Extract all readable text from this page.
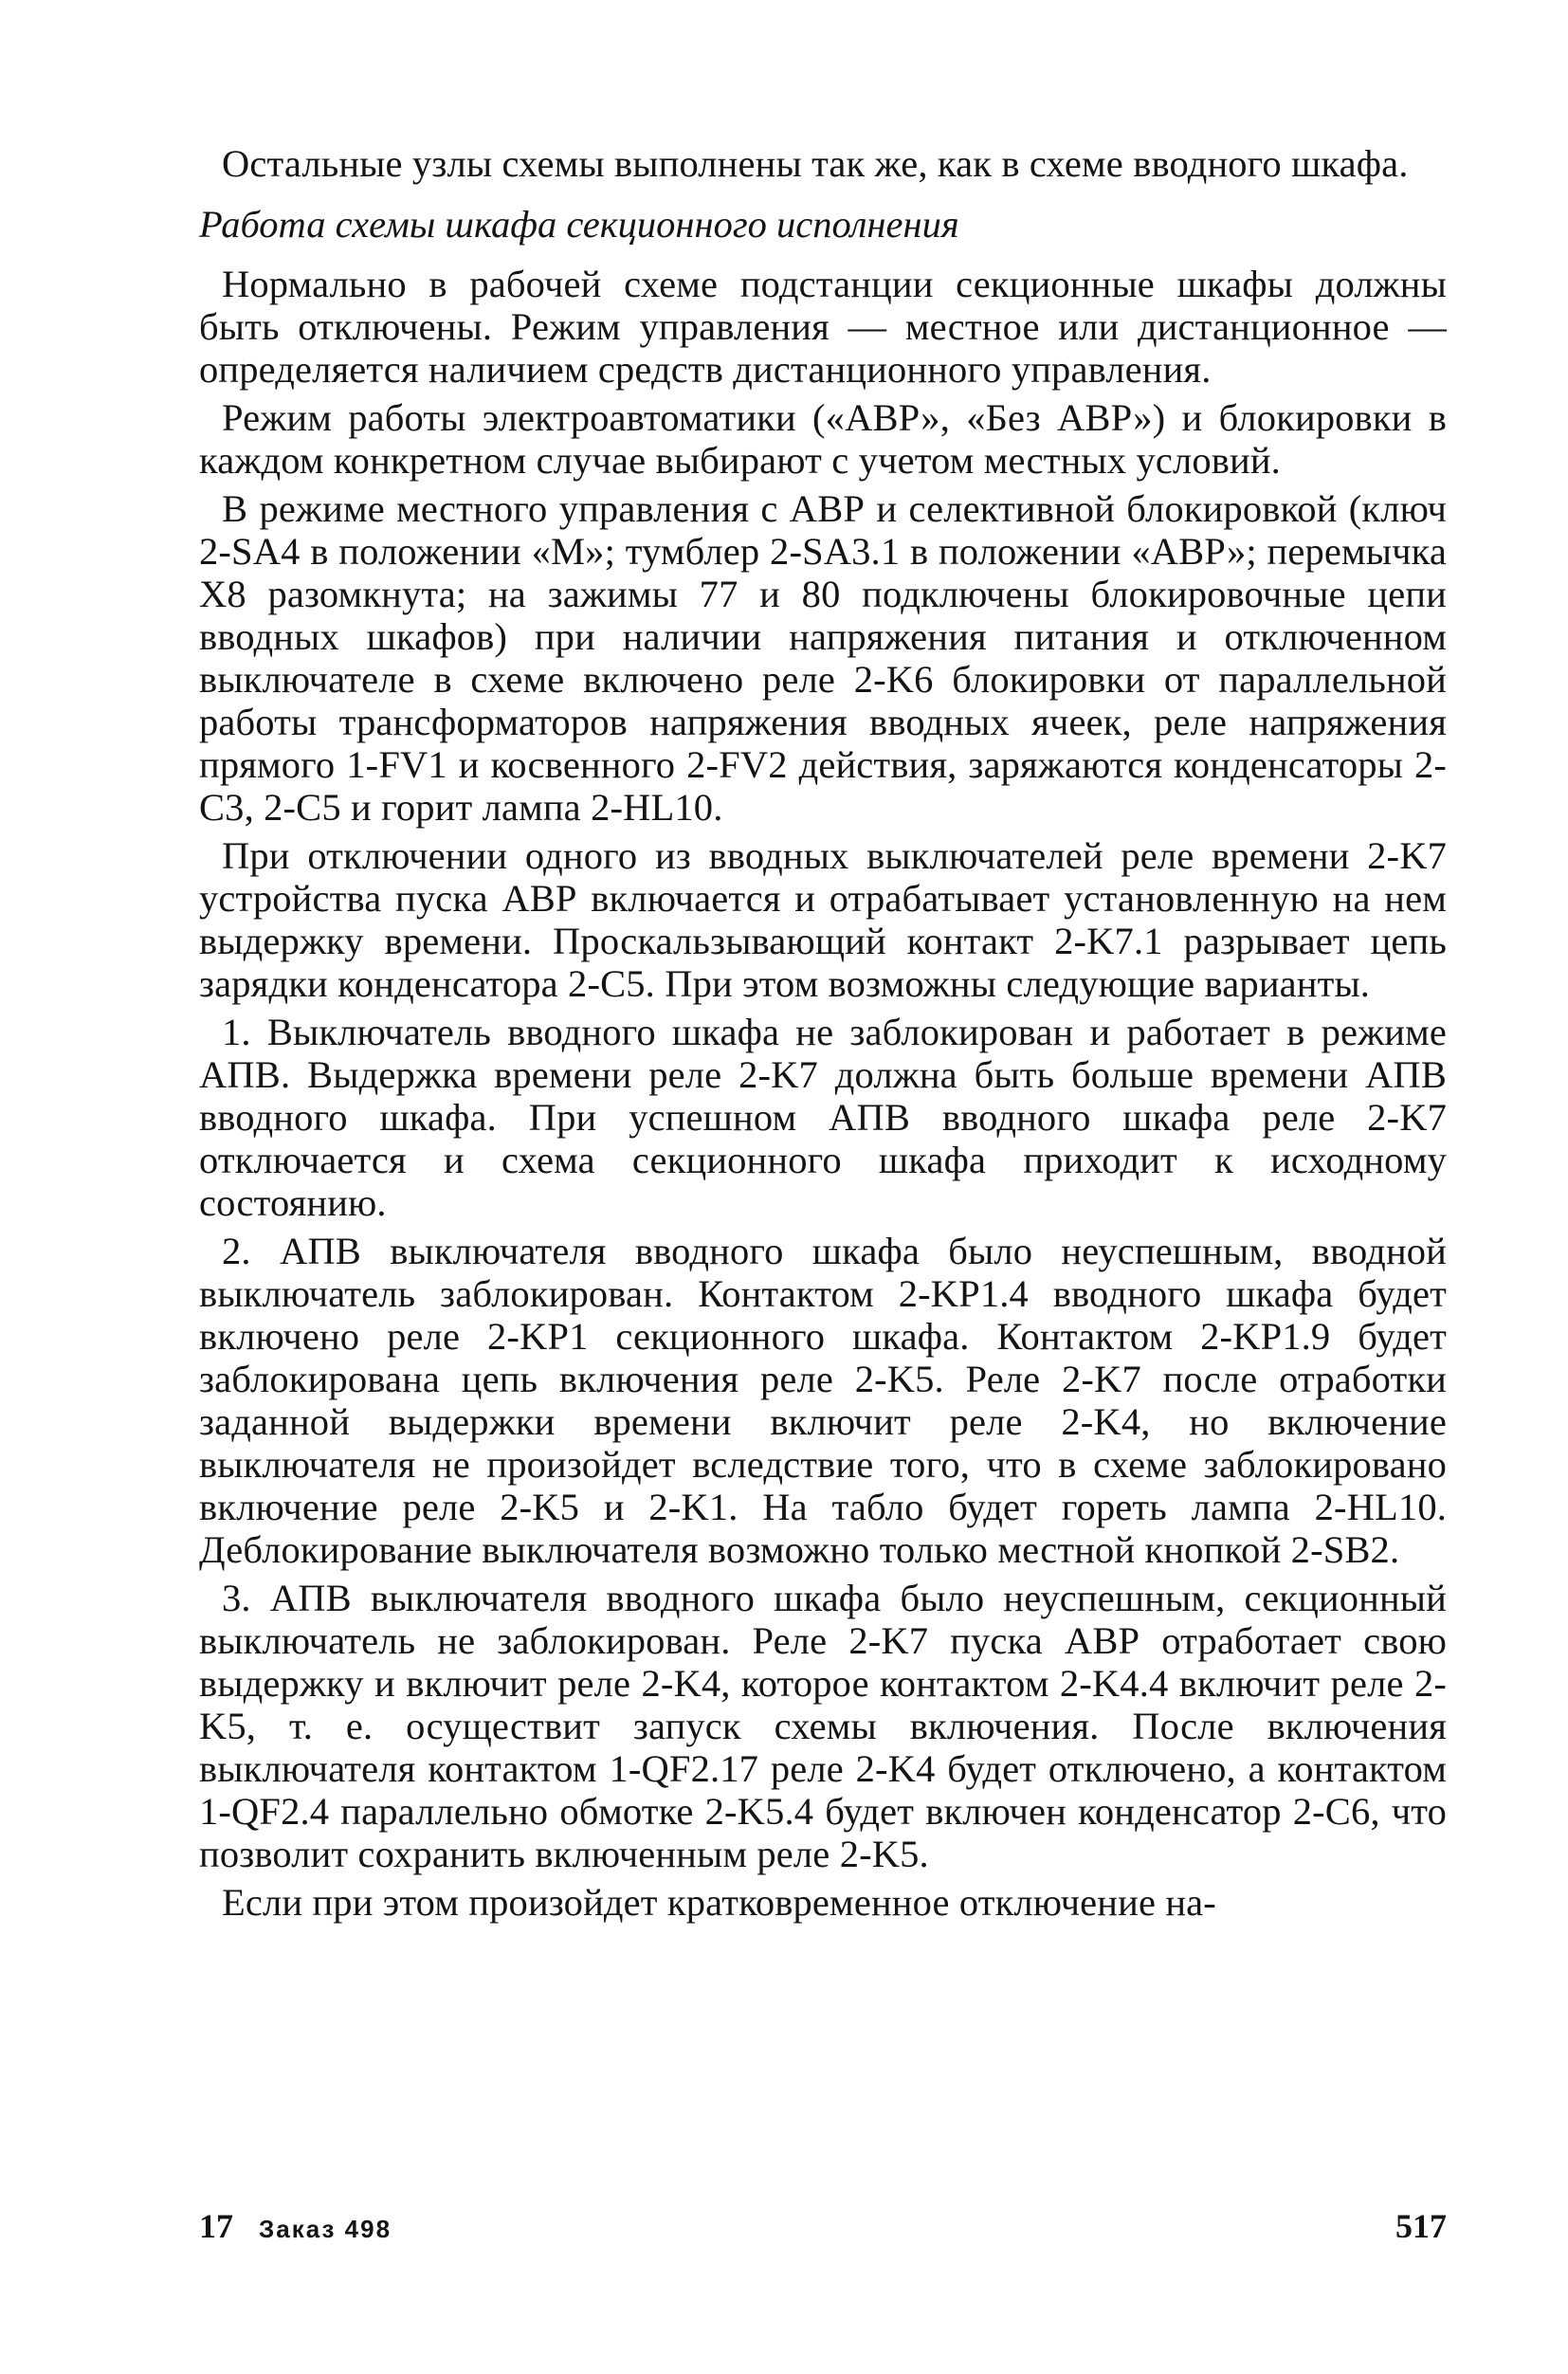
Остальные узлы схемы выполнены так же, как в схеме вводного шкафа.

Работа схемы шкафа секционного исполнения

Нормально в рабочей схеме подстанции секционные шкафы должны быть отключены. Режим управления — местное или дистанционное — определяется наличием средств дистанционного управления.

Режим работы электроавтоматики («АВР», «Без АВР») и блокировки в каждом конкретном случае выбирают с учетом местных условий.

В режиме местного управления с АВР и селективной блокировкой (ключ 2-SA4 в положении «М»; тумблер 2-SA3.1 в положении «АВР»; перемычка X8 разомкнута; на зажимы 77 и 80 подключены блокировочные цепи вводных шкафов) при наличии напряжения питания и отключенном выключателе в схеме включено реле 2-K6 блокировки от параллельной работы трансформаторов напряжения вводных ячеек, реле напряжения прямого 1-FV1 и косвенного 2-FV2 действия, заряжаются конденсаторы 2-C3, 2-C5 и горит лампа 2-HL10.

При отключении одного из вводных выключателей реле времени 2-K7 устройства пуска АВР включается и отрабатывает установленную на нем выдержку времени. Проскальзывающий контакт 2-K7.1 разрывает цепь зарядки конденсатора 2-C5. При этом возможны следующие варианты.

1. Выключатель вводного шкафа не заблокирован и работает в режиме АПВ. Выдержка времени реле 2-K7 должна быть больше времени АПВ вводного шкафа. При успешном АПВ вводного шкафа реле 2-K7 отключается и схема секционного шкафа приходит к исходному состоянию.

2. АПВ выключателя вводного шкафа было неуспешным, вводной выключатель заблокирован. Контактом 2-KP1.4 вводного шкафа будет включено реле 2-KP1 секционного шкафа. Контактом 2-KP1.9 будет заблокирована цепь включения реле 2-K5. Реле 2-K7 после отработки заданной выдержки времени включит реле 2-K4, но включение выключателя не произойдет вследствие того, что в схеме заблокировано включение реле 2-K5 и 2-K1. На табло будет гореть лампа 2-HL10. Деблокирование выключателя возможно только местной кнопкой 2-SB2.

3. АПВ выключателя вводного шкафа было неуспешным, секционный выключатель не заблокирован. Реле 2-K7 пуска АВР отработает свою выдержку и включит реле 2-K4, которое контактом 2-K4.4 включит реле 2-K5, т. е. осуществит запуск схемы включения. После включения выключателя контактом 1-QF2.17 реле 2-K4 будет отключено, а контактом 1-QF2.4 параллельно обмотке 2-K5.4 будет включен конденсатор 2-C6, что позволит сохранить включенным реле 2-K5.

Если при этом произойдет кратковременное отключение на-

17 Заказ 498	517
